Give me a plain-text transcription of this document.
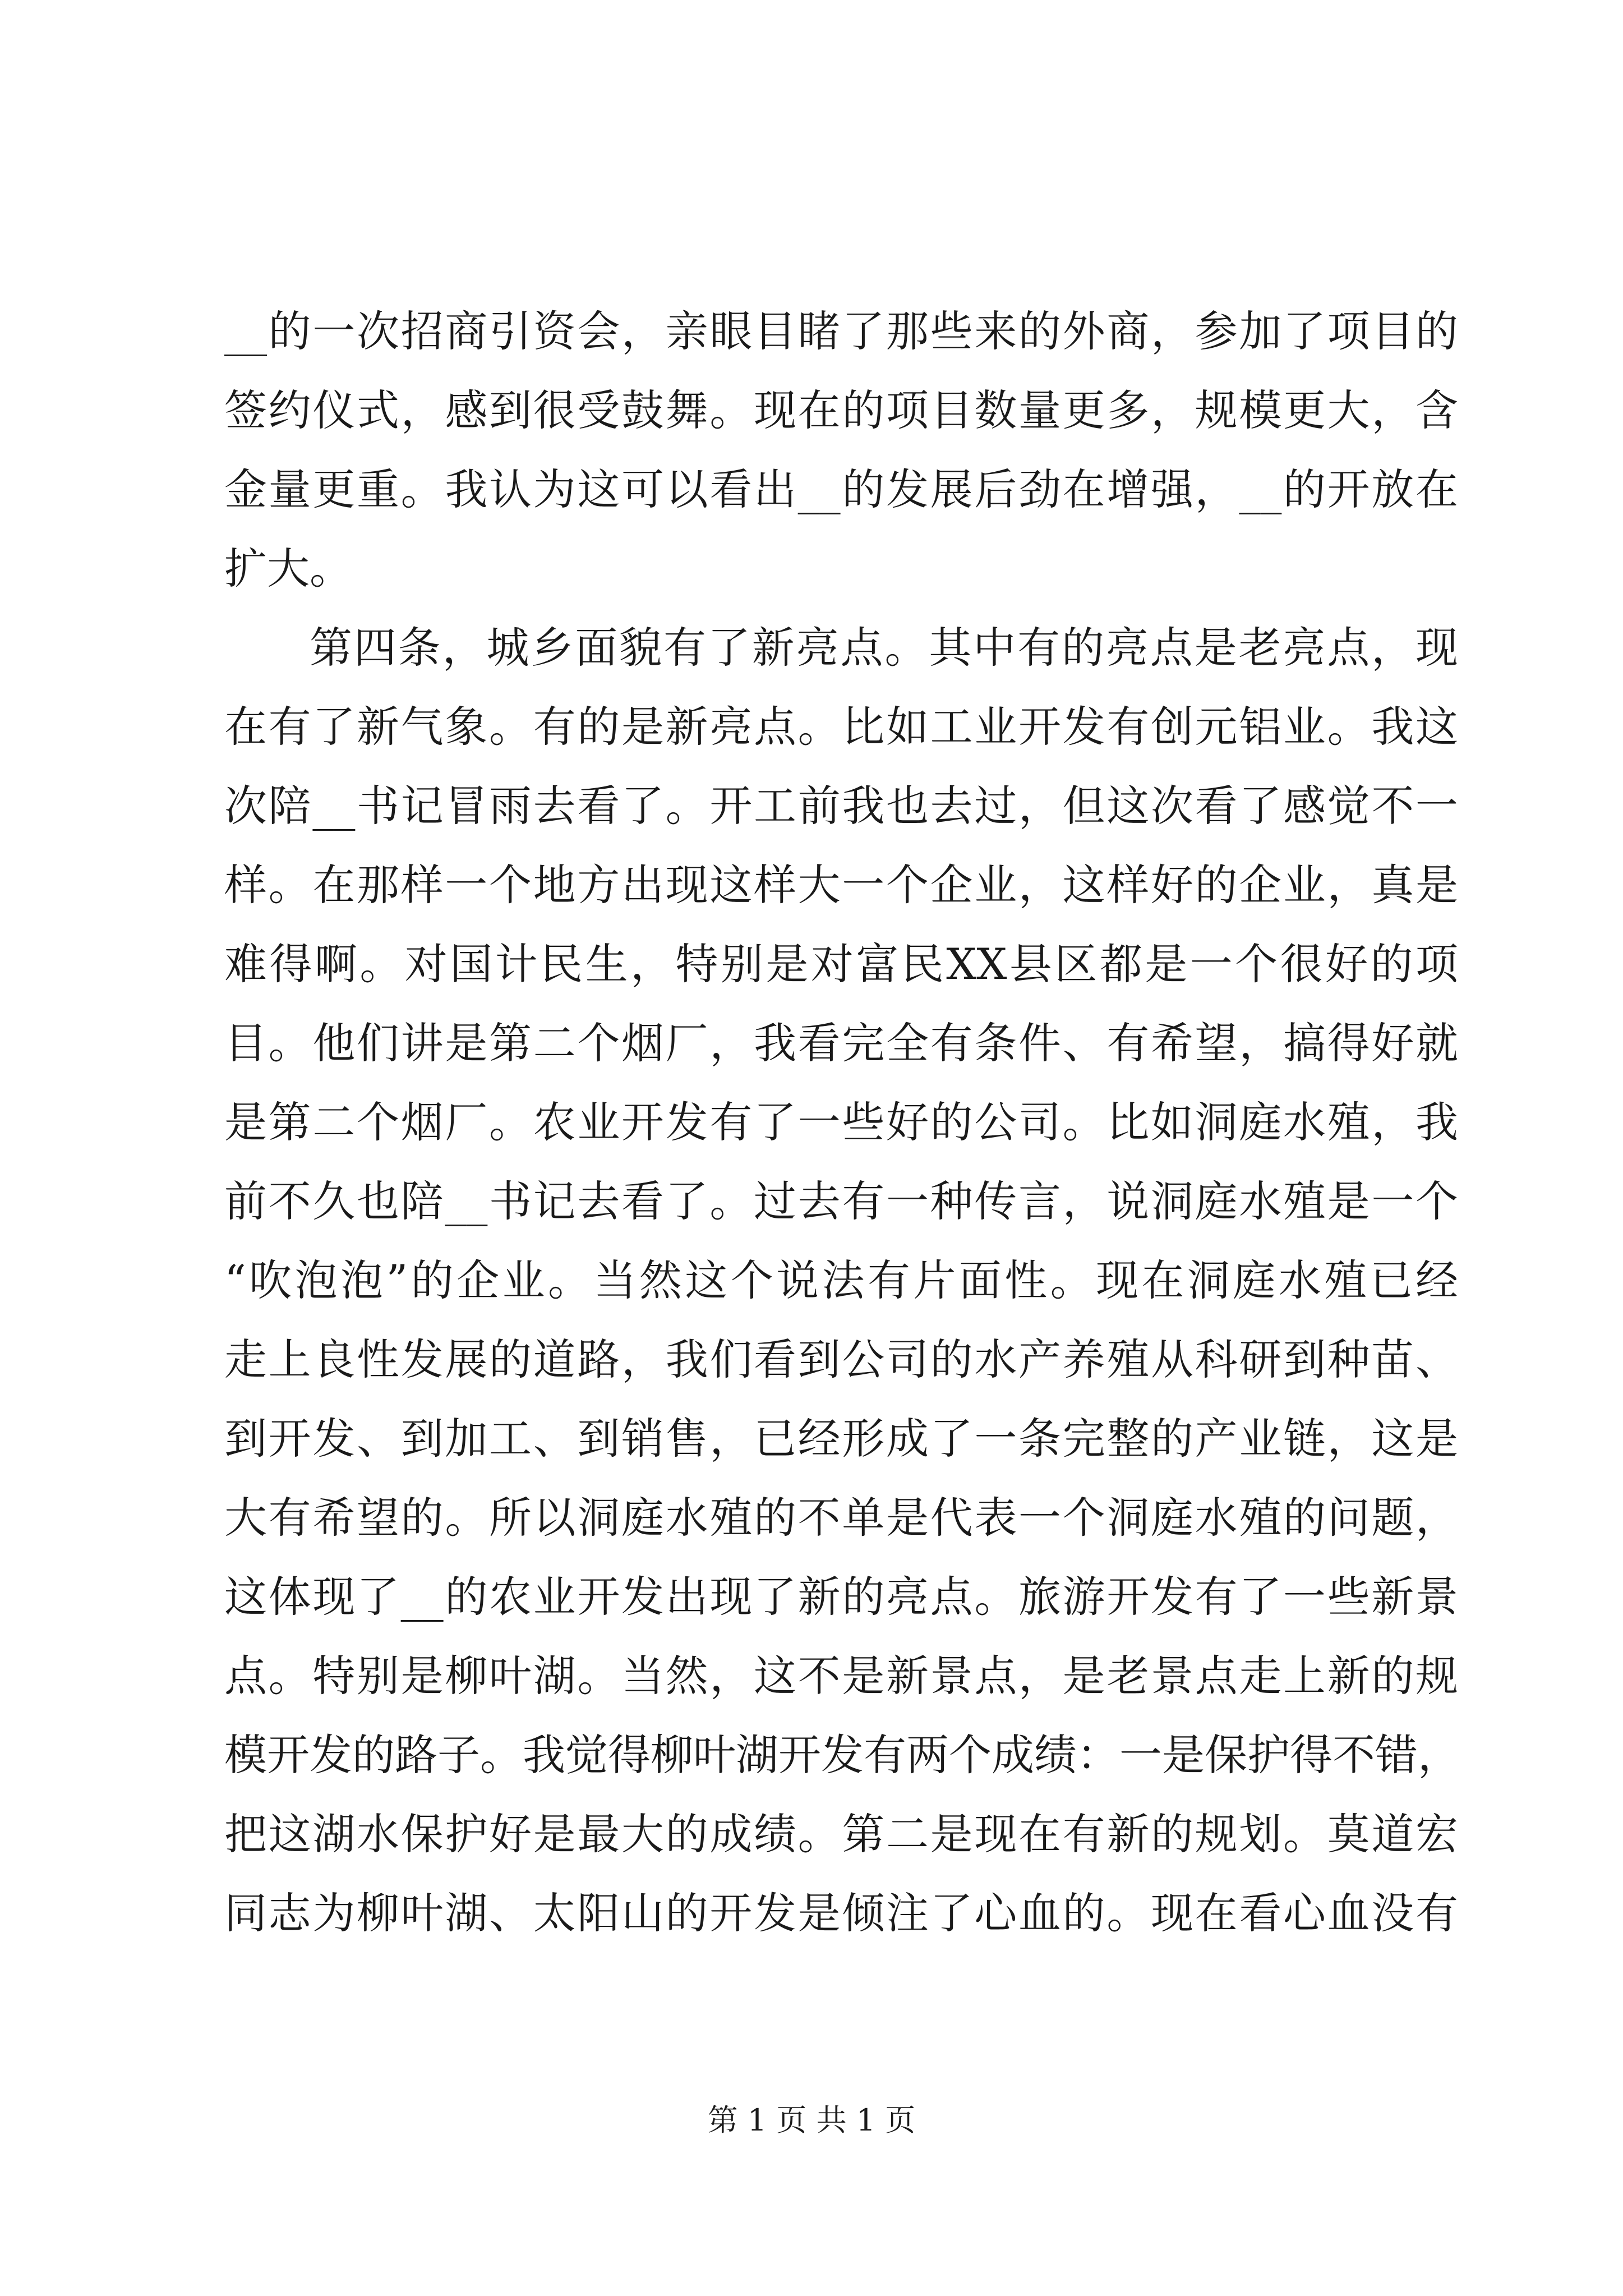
__的一次招商引资会，亲眼目睹了那些来的外商，参加了项目的
签约仪式，感到很受鼓舞。现在的项目数量更多，规模更大，含
金量更重。我认为这可以看出__的发展后劲在增强，__的开放在
扩大。
第四条，城乡面貌有了新亮点。其中有的亮点是老亮点，现
在有了新气象。有的是新亮点。比如工业开发有创元铝业。我这
次陪__书记冒雨去看了。开工前我也去过，但这次看了感觉不一
样。在那样一个地方出现这样大一个企业，这样好的企业，真是
难得啊。对国计民生，特别是对富民XX县区都是一个很好的项
目。他们讲是第二个烟厂，我看完全有条件、有希望，搞得好就
是第二个烟厂。农业开发有了一些好的公司。比如洞庭水殖，我
前不久也陪__书记去看了。过去有一种传言，说洞庭水殖是一个
“吹泡泡”的企业。当然这个说法有片面性。现在洞庭水殖已经
走上良性发展的道路，我们看到公司的水产养殖从科研到种苗、
到开发、到加工、到销售，已经形成了一条完整的产业链，这是
大有希望的。所以洞庭水殖的不单是代表一个洞庭水殖的问题，
这体现了__的农业开发出现了新的亮点。旅游开发有了一些新景
点。特别是柳叶湖。当然，这不是新景点，是老景点走上新的规
模开发的路子。我觉得柳叶湖开发有两个成绩：一是保护得不错，
把这湖水保护好是最大的成绩。第二是现在有新的规划。莫道宏
同志为柳叶湖、太阳山的开发是倾注了心血的。现在看心血没有
第 1 页 共 1 页
